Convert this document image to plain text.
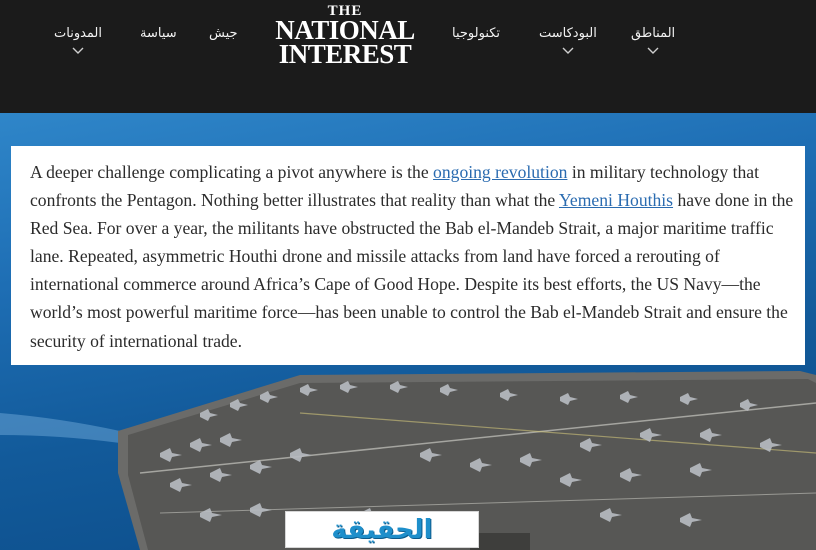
المدونات	سياسة جيش
THE
NATIONAL
INTEREST
تكنولوجيا	البودكاست	المناطق
A deeper challenge complicating a pivot anywhere is the ongoing revolution in military technology that confronts the Pentagon. Nothing better illustrates that reality than what the Yemeni Houthis have done in the Red Sea. For over a year, the militants have obstructed the Bab el-Mandeb Strait, a major maritime traffic lane. Repeated, asymmetric Houthi drone and missile attacks from land have forced a rerouting of international commerce around Africa’s Cape of Good Hope. Despite its best efforts, the US Navy—the world’s most powerful maritime force—has been unable to control the Bab el-Mandeb Strait and ensure the security of international trade.
الحقيقة
